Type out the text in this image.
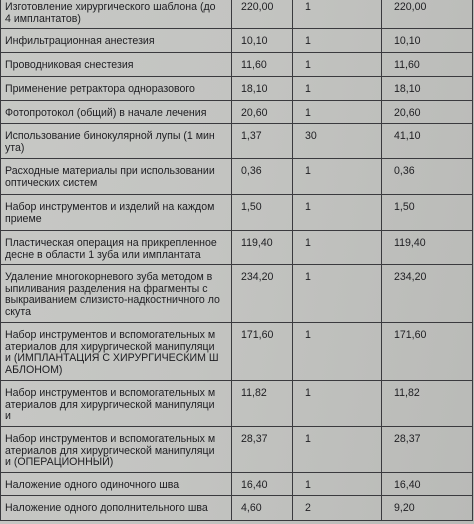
Изготовление хирургического шаблона (до
4 имплантатов)	220,00	1	220,00
Инфильтрационная анестезия	10,10	1	10,10
Проводниковая снестезия	11,60	1	11,60
Применение ретрактора одноразового	18,10	1	18,10
Фотопротокол (общий) в начале лечения	20,60	1	20,60
Использование бинокулярной лупы (1 мин
ута)	1,37	30	41,10
Расходные материалы при использовании
оптических систем	0,36	1	0,36
Набор инструментов и изделий на каждом
приеме	1,50	1	1,50
Пластическая операция на прикрепленное
десне в области 1 зуба или имплантата	119,40	1	119,40
Удаление многокорневого зуба методом в
ыпиливания разделения на фрагменты с
выкраиванием слизисто-надкостничного ло
скута	234,20	1	234,20
Набор инструментов и вспомогательных м
атериалов для хирургической манипуляци
и (ИМПЛАНТАЦИЯ С ХИРУРГИЧЕСКИМ Ш
АБЛОНОМ)	171,60	1	171,60
Набор инструментов и вспомогательных м
атериалов для хирургической манипуляци
и	11,82	1	11,82
Набор инструментов и вспомогательных м
атериалов для хирургической манипуляци
и (ОПЕРАЦИОННЫЙ)	28,37	1	28,37
Наложение одного одиночного шва	16,40	1	16,40
Наложение одного дополнительного шва	4,60	2	9,20
